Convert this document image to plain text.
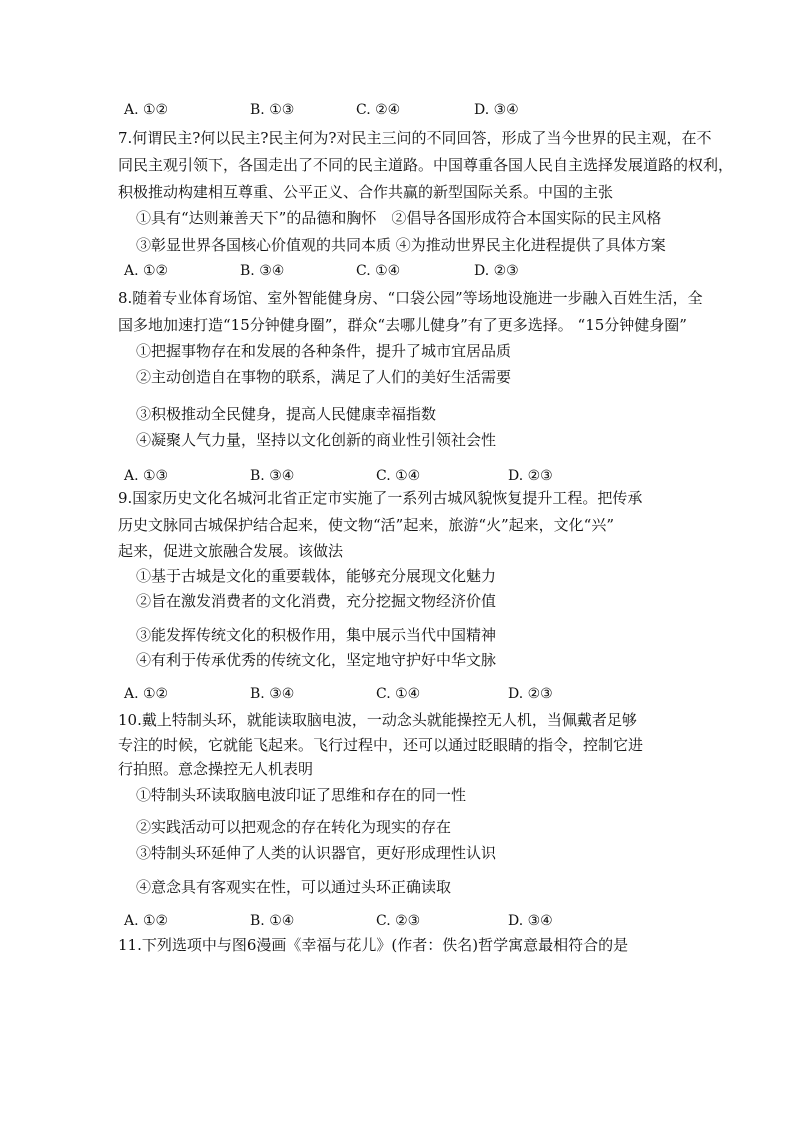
A. ①②	B. ①③	C. ②④	D. ③④
7.何谓民主?何以民主?民主何为?对民主三问的不同回答，形成了当今世界的民主观，在不
同民主观引领下，各国走出了不同的民主道路。中国尊重各国人民自主选择发展道路的权利，
积极推动构建相互尊重、公平正义、合作共赢的新型国际关系。中国的主张
①具有“达则兼善天下”的品德和胸怀　②倡导各国形成符合本国实际的民主风格
③彰显世界各国核心价值观的共同本质 ④为推动世界民主化进程提供了具体方案
A. ①②	B. ③④	C. ①④	D. ②③
8.随着专业体育场馆、室外智能健身房、“口袋公园”等场地设施进一步融入百姓生活，全
国多地加速打造“15分钟健身圈”，群众“去哪儿健身”有了更多选择。 “15分钟健身圈”
①把握事物存在和发展的各种条件，提升了城市宜居品质
②主动创造自在事物的联系，满足了人们的美好生活需要
③积极推动全民健身，提高人民健康幸福指数
④凝聚人气力量，坚持以文化创新的商业性引领社会性
A. ①③	B. ③④	C. ①④	D. ②③
9.国家历史文化名城河北省正定市实施了一系列古城风貌恢复提升工程。把传承
历史文脉同古城保护结合起来，使文物“活”起来，旅游“火”起来，文化“兴”
起来，促进文旅融合发展。该做法
①基于古城是文化的重要载体，能够充分展现文化魅力
②旨在激发消费者的文化消费，充分挖掘文物经济价值
③能发挥传统文化的积极作用，集中展示当代中国精神
④有利于传承优秀的传统文化，坚定地守护好中华文脉
A. ①②	B. ③④	C. ①④	D. ②③
10.戴上特制头环，就能读取脑电波，一动念头就能操控无人机，当佩戴者足够
专注的时候，它就能飞起来。飞行过程中，还可以通过眨眼睛的指令，控制它进
行拍照。意念操控无人机表明
①特制头环读取脑电波印证了思维和存在的同一性
②实践活动可以把观念的存在转化为现实的存在
③特制头环延伸了人类的认识器官，更好形成理性认识
④意念具有客观实在性，可以通过头环正确读取
A. ①②	B. ①④	C. ②③	D. ③④
11.下列选项中与图6漫画《幸福与花儿》(作者：佚名)哲学寓意最相符合的是
